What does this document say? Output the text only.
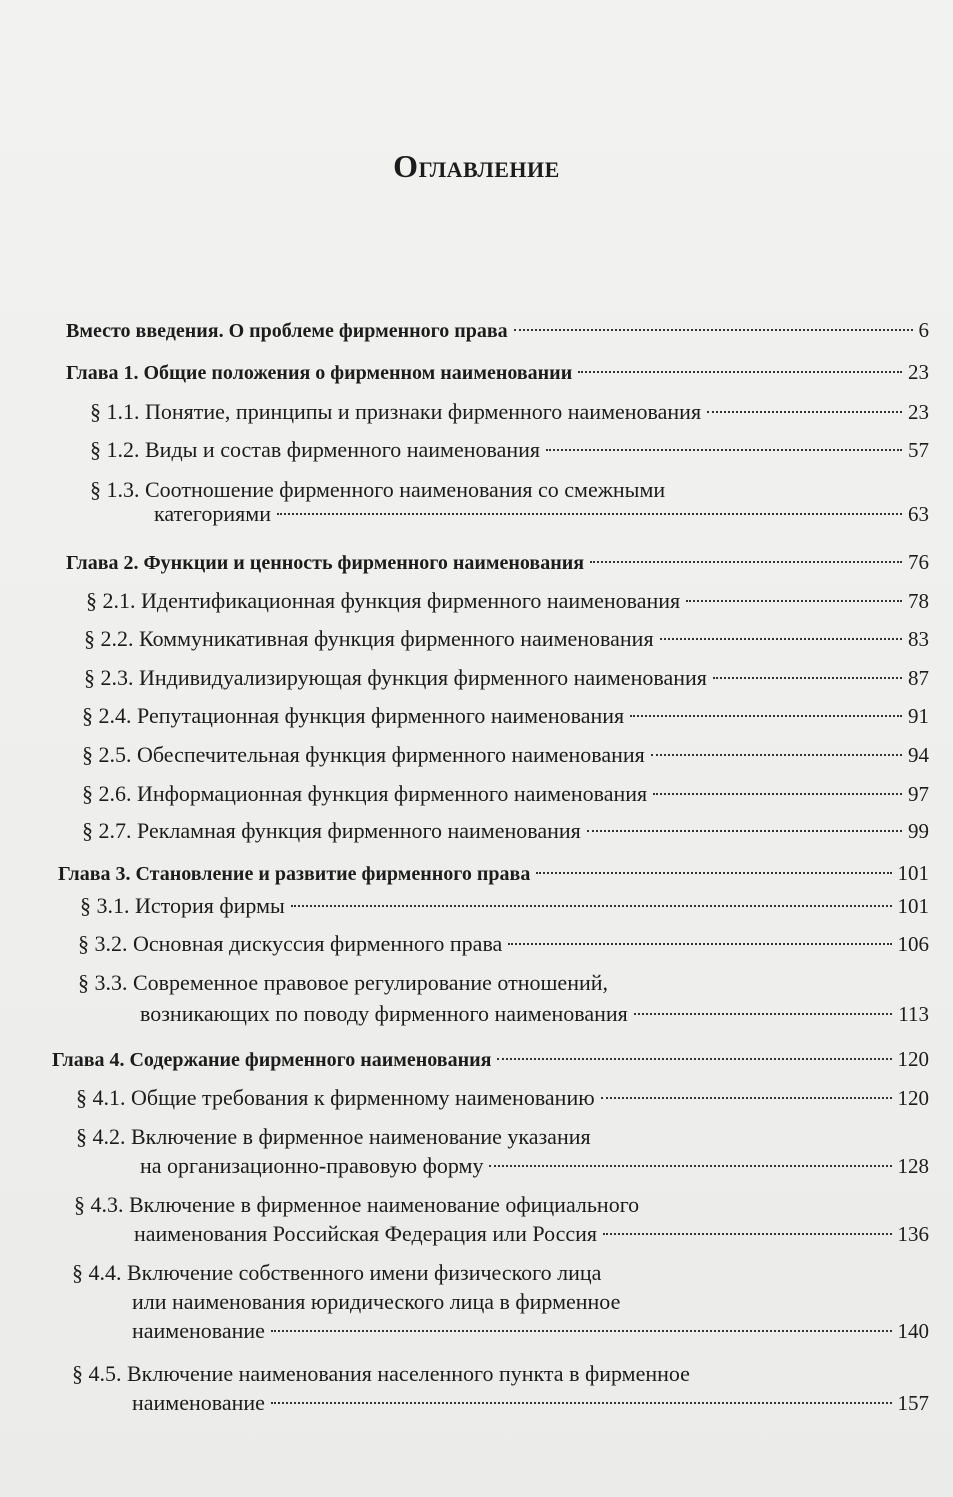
Оглавление
Вместо введения. О проблеме фирменного права	6
Глава 1. Общие положения о фирменном наименовании	23
§ 1.1. Понятие, принципы и признаки фирменного наименования	23
§ 1.2. Виды и состав фирменного наименования	57
§ 1.3. Соотношение фирменного наименования со смежными
категориями	63
Глава 2. Функции и ценность фирменного наименования	76
§ 2.1. Идентификационная функция фирменного наименования	78
§ 2.2. Коммуникативная функция фирменного наименования	83
§ 2.3. Индивидуализирующая функция фирменного наименования	87
§ 2.4. Репутационная функция фирменного наименования	91
§ 2.5. Обеспечительная функция фирменного наименования	94
§ 2.6. Информационная функция фирменного наименования	97
§ 2.7. Рекламная функция фирменного наименования	99
Глава 3. Становление и развитие фирменного права	101
§ 3.1. История фирмы	101
§ 3.2. Основная дискуссия фирменного права	106
§ 3.3. Современное правовое регулирование отношений,
возникающих по поводу фирменного наименования	113
Глава 4. Содержание фирменного наименования	120
§ 4.1. Общие требования к фирменному наименованию	120
§ 4.2. Включение в фирменное наименование указания
на организационно-правовую форму	128
§ 4.3. Включение в фирменное наименование официального
наименования Российская Федерация или Россия	136
§ 4.4. Включение собственного имени физического лица
или наименования юридического лица в фирменное
наименование	140
§ 4.5. Включение наименования населенного пункта в фирменное
наименование	157
